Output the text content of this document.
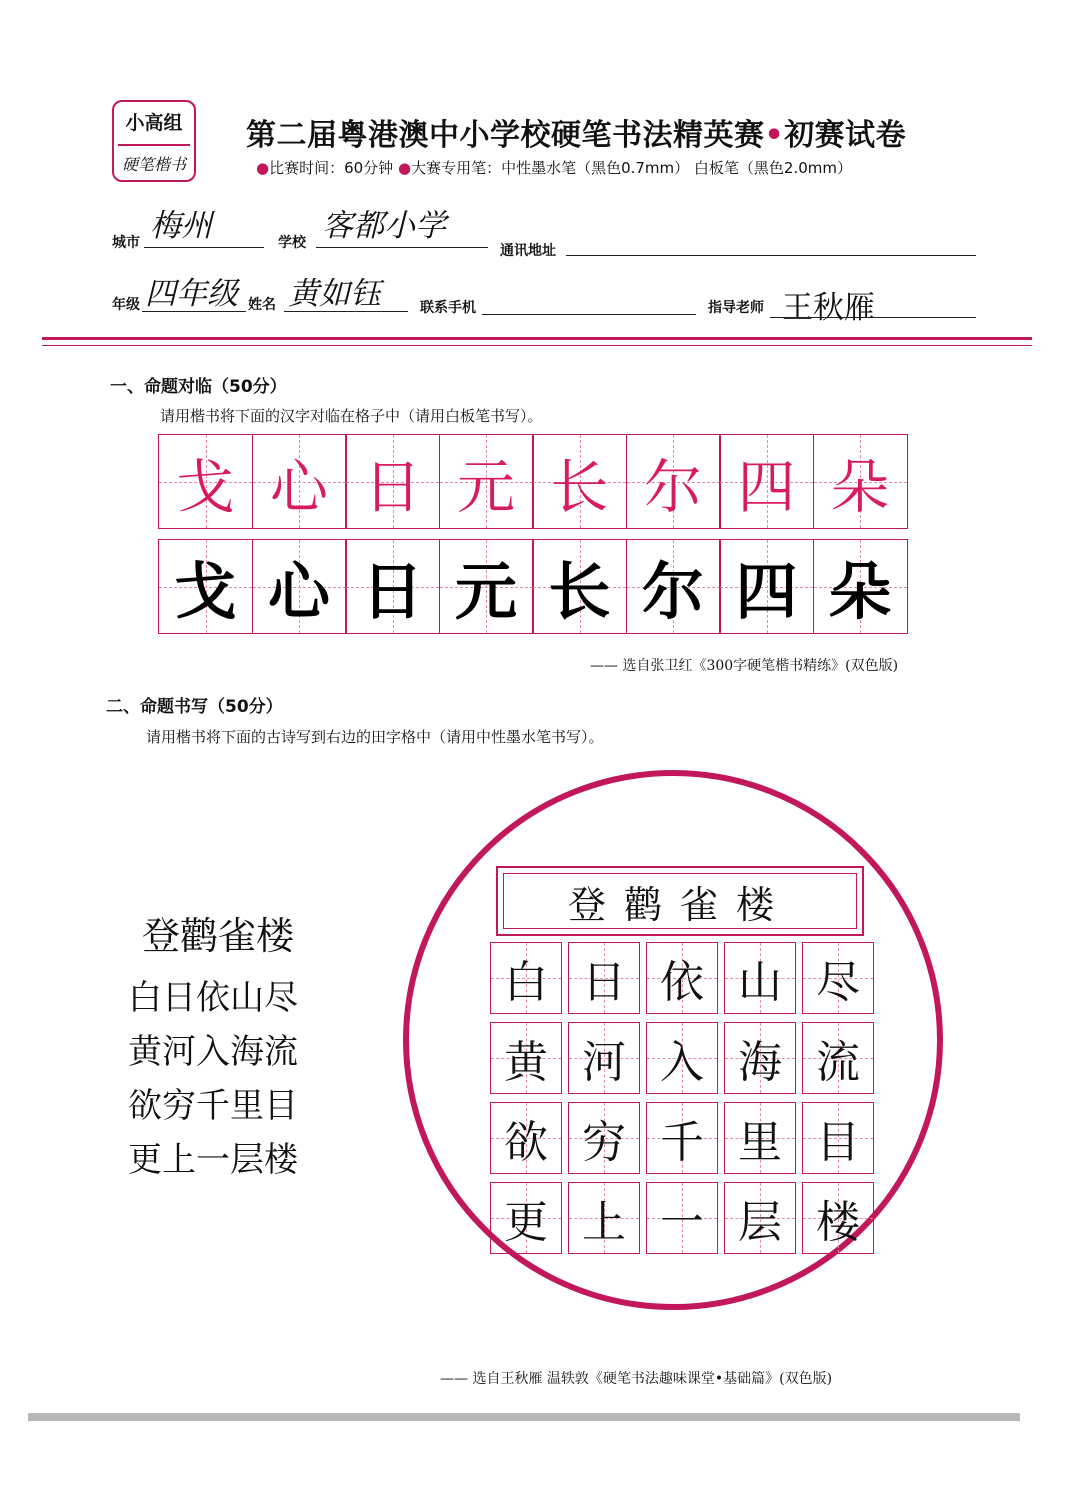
小高组
硬笔楷书
第二届粤港澳中小学校硬笔书法精英赛•初赛试卷
●比赛时间：60分钟 ●大赛专用笔：中性墨水笔（黑色0.7mm） 白板笔（黑色2.0mm）
城市 梅州	学校 客都小学
通讯地址
年级 四年级 姓名 黄如钰	联系手机	指导老师 王秋雁
一、命题对临（50分）
请用楷书将下面的汉字对临在格子中（请用白板笔书写）。
戈 心 日 元 长 尔 四 朵
戈 心 日 元 长 尔 四 朵
—— 选自张卫红《300字硬笔楷书精练》(双色版)
二、命题书写（50分）
请用楷书将下面的古诗写到右边的田字格中（请用中性墨水笔书写）。
登鹳雀楼
白日依山尽
黄河入海流
欲穷千里目
更上一层楼
登鹳雀楼
白 日 依 山 尽
黄 河 入 海 流
欲 穷 千 里 目
更 上 一 层 楼
—— 选自王秋雁 温轶敦《硬笔书法趣味课堂•基础篇》(双色版)
